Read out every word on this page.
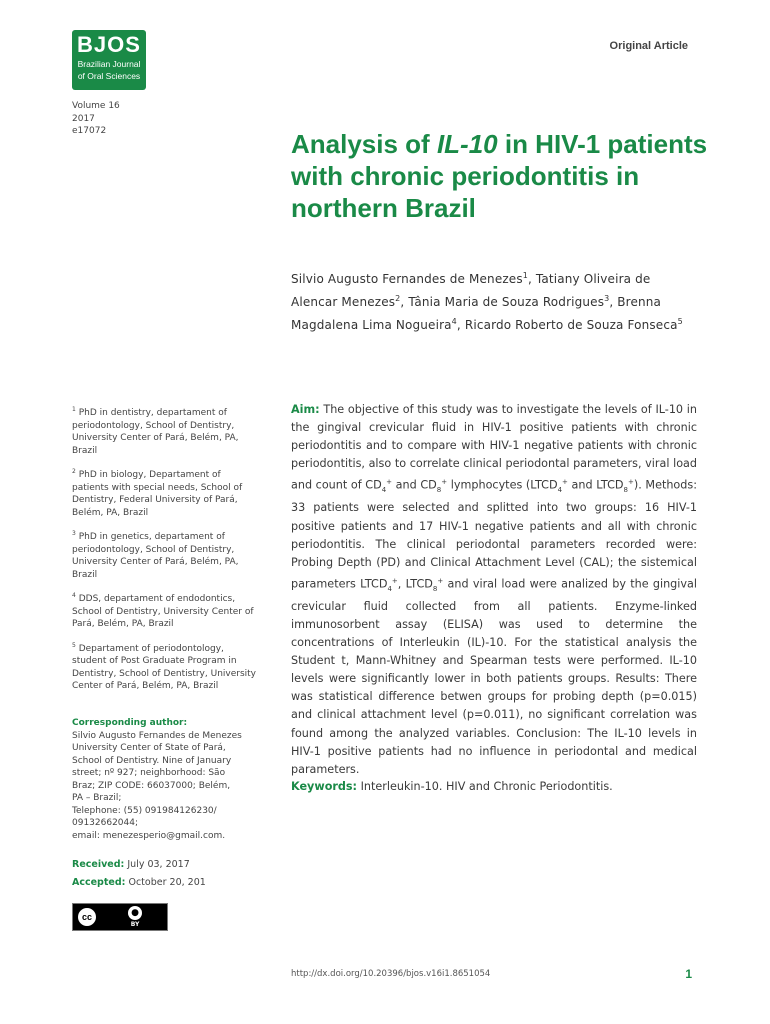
BJOS
Brazilian Journal
of Oral Sciences
Original Article
Volume 16
2017
e17072	Analysis of IL-10 in HIV-1 patients with chronic periodontitis in northern Brazil
Silvio Augusto Fernandes de Menezes$^1$, Tatiany Oliveira de Alencar Menezes$^2$, Tânia Maria de Souza Rodrigues$^3$, Brenna Magdalena Lima Nogueira$^4$, Ricardo Roberto de Souza Fonseca$^5$
$^1$ PhD in dentistry, departament of periodontology, School of Dentistry, University Center of Pará, Belém, PA, Brazil
$^2$ PhD in biology, Departament of patients with special needs, School of Dentistry, Federal University of Pará, Belém, PA, Brazil
$^3$ PhD in genetics, departament of periodontology, School of Dentistry, University Center of Pará, Belém, PA, Brazil
$^4$ DDS, departament of endodontics, School of Dentistry, University Center of Pará, Belém, PA, Brazil
$^5$ Departament of periodontology, student of Post Graduate Program in Dentistry, School of Dentistry, University Center of Pará, Belém, PA, Brazil
Corresponding author:
Silvio Augusto Fernandes de Menezes
University Center of State of Pará,
School of Dentistry. Nine of January
street; nº 927; neighborhood: São
Braz; ZIP CODE: 66037000; Belém,
PA – Brazil;
Telephone: (55) 091984126230/
09132662044;
email: menezesperio@gmail.com.
Received: July 03, 2017
Accepted: October 20, 201
cc	●
BY
Aim: The objective of this study was to investigate the levels of IL-10 in the gingival crevicular fluid in HIV-1 positive patients with chronic periodontitis and to compare with HIV-1 negative patients with chronic periodontitis, also to correlate clinical periodontal parameters, viral load and count of $CD_4^+$ and $CD_8^+$ lymphocytes ($LTCD_4^+$ and $LTCD_8^+$). Methods: 33 patients were selected and splitted into two groups: 16 HIV-1 positive patients and 17 HIV-1 negative patients and all with chronic periodontitis. The clinical periodontal parameters recorded were: Probing Depth (PD) and Clinical Attachment Level (CAL); the sistemical parameters $LTCD_4^+$, $LTCD_8^+$ and viral load were analized by the gingival crevicular fluid collected from all patients. Enzyme-linked immunosorbent assay (ELISA) was used to determine the concentrations of Interleukin (IL)-10. For the statistical analysis the Student t, Mann-Whitney and Spearman tests were performed. IL-10 levels were significantly lower in both patients groups. Results: There was statistical difference betwen groups for probing depth (p=0.015) and clinical attachment level (p=0.011), no significant correlation was found among the analyzed variables. Conclusion: The IL-10 levels in HIV-1 positive patients had no influence in periodontal and medical parameters.
Keywords: Interleukin-10. HIV and Chronic Periodontitis.
http://dx.doi.org/10.20396/bjos.v16i1.8651054	1
